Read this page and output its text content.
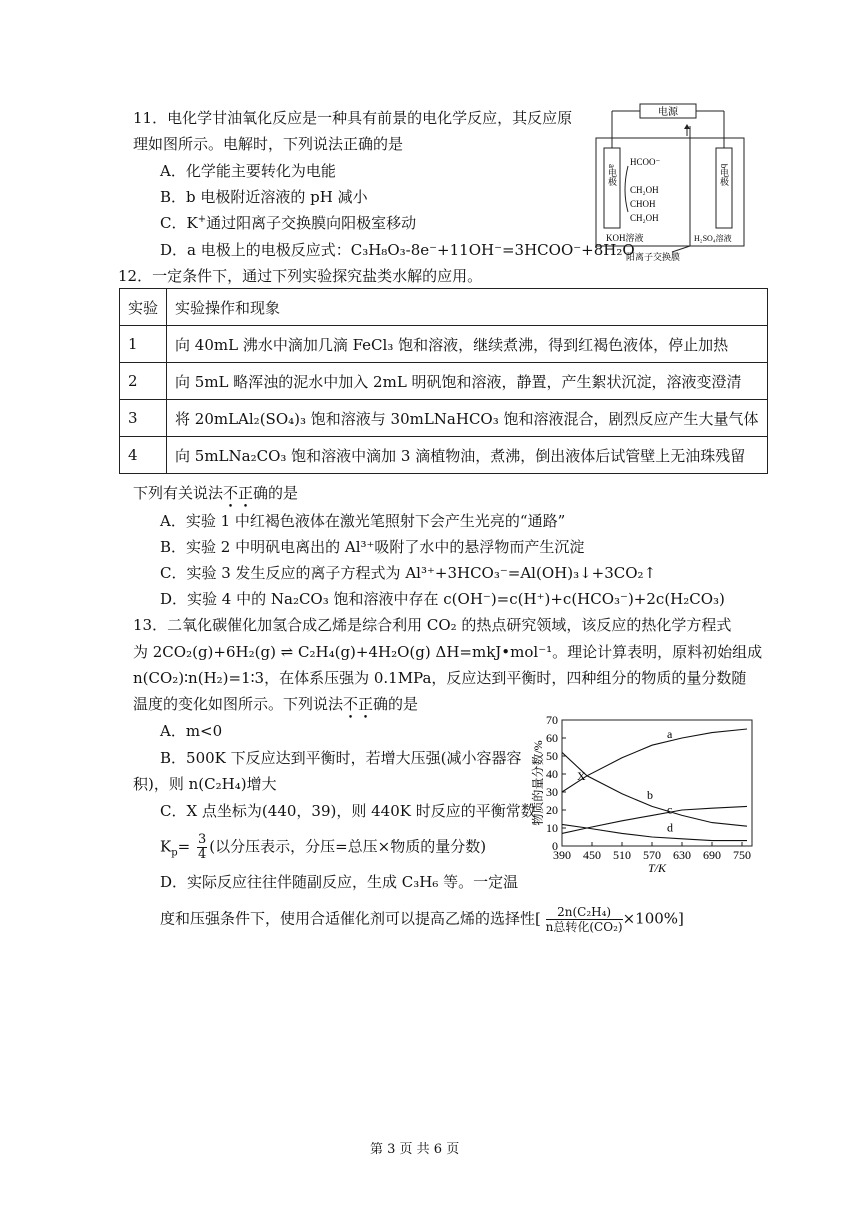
11．电化学甘油氧化反应是一种具有前景的电化学反应，其反应原
理如图所示。电解时，下列说法正确的是
A．化学能主要转化为电能
B．b 电极附近溶液的 pH 减小
C．K+通过阳离子交换膜向阳极室移动
D．a 电极上的电极反应式：C₃H₈O₃-8e⁻+11OH⁻=3HCOO⁻+8H₂O
电源
a电极	b电极
HCOO⁻
CH₂OH
CHOH
CH₂OH
KOH溶液	H₂SO₄溶液
阳离子交换膜
12．一定条件下，通过下列实验探究盐类水解的应用。
实验	实验操作和现象
1	向 40mL 沸水中滴加几滴 FeCl₃ 饱和溶液，继续煮沸，得到红褐色液体，停止加热
2	向 5mL 略浑浊的泥水中加入 2mL 明矾饱和溶液，静置，产生絮状沉淀，溶液变澄清
3	将 20mLAl₂(SO₄)₃ 饱和溶液与 30mLNaHCO₃ 饱和溶液混合，剧烈反应产生大量气体
4	向 5mLNa₂CO₃ 饱和溶液中滴加 3 滴植物油，煮沸，倒出液体后试管壁上无油珠残留
下列有关说法不正确的是
A．实验 1 中红褐色液体在激光笔照射下会产生光亮的“通路”
B．实验 2 中明矾电离出的 Al³⁺吸附了水中的悬浮物而产生沉淀
C．实验 3 发生反应的离子方程式为 Al³⁺+3HCO₃⁻=Al(OH)₃↓+3CO₂↑
D．实验 4 中的 Na₂CO₃ 饱和溶液中存在 c(OH⁻)=c(H⁺)+c(HCO₃⁻)+2c(H₂CO₃)
13．二氧化碳催化加氢合成乙烯是综合利用 CO₂ 的热点研究领域，该反应的热化学方程式
为 2CO₂(g)+6H₂(g) ⇌ C₂H₄(g)+4H₂O(g) ΔH=mkJ•mol⁻¹。理论计算表明，原料初始组成
n(CO₂)∶n(H₂)=1∶3，在体系压强为 0.1MPa，反应达到平衡时，四种组分的物质的量分数随
温度的变化如图所示。下列说法不正确的是
A．m<0
B．500K 下反应达到平衡时，若增大压强(减小容器容
积)，则 n(C₂H₄)增大
C．X 点坐标为(440，39)，则 440K 时反应的平衡常数
$K_p= \frac{3}{4}$ (以分压表示，分压=总压×物质的量分数)
D．实际反应往往伴随副反应，生成 C₃H₆ 等。一定温
度和压强条件下，使用合适催化剂可以提高乙烯的选择性[	2n(C₂H₄)
n总转化(CO₂) ×100%]
390 450 510 570 630 690 750
0
10
20
30
40
50
60
70
T/K
物质的量分数/%
a
b
c
d
X
第 3 页 共 6 页
